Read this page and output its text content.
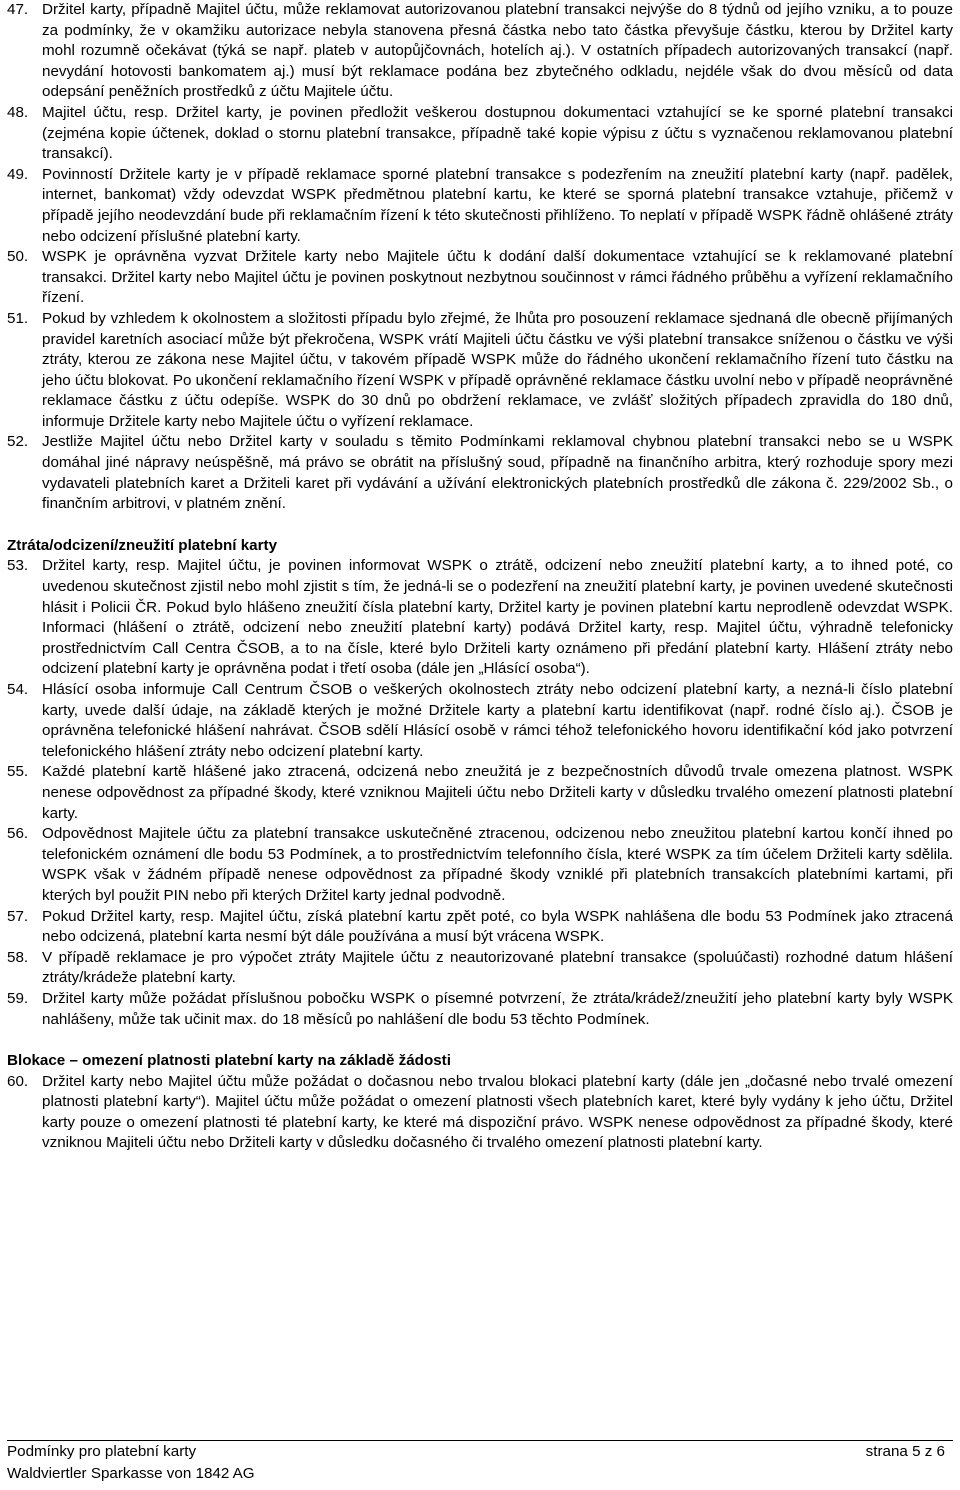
47. Držitel karty, případně Majitel účtu, může reklamovat autorizovanou platební transakci nejvýše do 8 týdnů od jejího vzniku, a to pouze za podmínky, že v okamžiku autorizace nebyla stanovena přesná částka nebo tato částka převyšuje částku, kterou by Držitel karty mohl rozumně očekávat (týká se např. plateb v autopůjčovnách, hotelích aj.). V ostatních případech autorizovaných transakcí (např. nevydání hotovosti bankomatem aj.) musí být reklamace podána bez zbytečného odkladu, nejdéle však do dvou měsíců od data odepsání peněžních prostředků z účtu Majitele účtu.
48. Majitel účtu, resp. Držitel karty, je povinen předložit veškerou dostupnou dokumentaci vztahující se ke sporné platební transakci (zejména kopie účtenek, doklad o stornu platební transakce, případně také kopie výpisu z účtu s vyznačenou reklamovanou platební transakcí).
49. Povinností Držitele karty je v případě reklamace sporné platební transakce s podezřením na zneužití platební karty (např. padělek, internet, bankomat) vždy odevzdat WSPK předmětnou platební kartu, ke které se sporná platební transakce vztahuje, přičemž v případě jejího neodevzdání bude při reklamačním řízení k této skutečnosti přihlíženo. To neplatí v případě WSPK řádně ohlášené ztráty nebo odcizení příslušné platební karty.
50. WSPK je oprávněna vyzvat Držitele karty nebo Majitele účtu k dodání další dokumentace vztahující se k reklamované platební transakci. Držitel karty nebo Majitel účtu je povinen poskytnout nezbytnou součinnost v rámci řádného průběhu a vyřízení reklamačního řízení.
51. Pokud by vzhledem k okolnostem a složitosti případu bylo zřejmé, že lhůta pro posouzení reklamace sjednaná dle obecně přijímaných pravidel karetních asociací může být překročena, WSPK vrátí Majiteli účtu částku ve výši platební transakce sníženou o částku ve výši ztráty, kterou ze zákona nese Majitel účtu, v takovém případě WSPK může do řádného ukončení reklamačního řízení tuto částku na jeho účtu blokovat. Po ukončení reklamačního řízení WSPK v případě oprávněné reklamace částku uvolní nebo v případě neoprávněné reklamace částku z účtu odepíše. WSPK do 30 dnů po obdržení reklamace, ve zvlášť složitých případech zpravidla do 180 dnů, informuje Držitele karty nebo Majitele účtu o vyřízení reklamace.
52. Jestliže Majitel účtu nebo Držitel karty v souladu s těmito Podmínkami reklamoval chybnou platební transakci nebo se u WSPK domáhal jiné nápravy neúspěšně, má právo se obrátit na příslušný soud, případně na finančního arbitra, který rozhoduje spory mezi vydavateli platebních karet a Držiteli karet při vydávání a užívání elektronických platebních prostředků dle zákona č. 229/2002 Sb., o finančním arbitrovi, v platném znění.
Ztráta/odcizení/zneužití platební karty
53. Držitel karty, resp. Majitel účtu, je povinen informovat WSPK o ztrátě, odcizení nebo zneužití platební karty, a to ihned poté, co uvedenou skutečnost zjistil nebo mohl zjistit s tím, že jedná-li se o podezření na zneužití platební karty, je povinen uvedené skutečnosti hlásit i Policii ČR. Pokud bylo hlášeno zneužití čísla platební karty, Držitel karty je povinen platební kartu neprodleně odevzdat WSPK. Informaci (hlášení o ztrátě, odcizení nebo zneužití platební karty) podává Držitel karty, resp. Majitel účtu, výhradně telefonicky prostřednictvím Call Centra ČSOB, a to na čísle, které bylo Držiteli karty oznámeno při předání platební karty. Hlášení ztráty nebo odcizení platební karty je oprávněna podat i třetí osoba (dále jen „Hlásící osoba“).
54. Hlásící osoba informuje Call Centrum ČSOB o veškerých okolnostech ztráty nebo odcizení platební karty, a nezná-li číslo platební karty, uvede další údaje, na základě kterých je možné Držitele karty a platební kartu identifikovat (např. rodné číslo aj.). ČSOB je oprávněna telefonické hlášení nahrávat. ČSOB sdělí Hlásící osobě v rámci téhož telefonického hovoru identifikační kód jako potvrzení telefonického hlášení ztráty nebo odcizení platební karty.
55. Každé platební kartě hlášené jako ztracená, odcizená nebo zneužitá je z bezpečnostních důvodů trvale omezena platnost. WSPK nenese odpovědnost za případné škody, které vzniknou Majiteli účtu nebo Držiteli karty v důsledku trvalého omezení platnosti platební karty.
56. Odpovědnost Majitele účtu za platební transakce uskutečněné ztracenou, odcizenou nebo zneužitou platební kartou končí ihned po telefonickém oznámení dle bodu 53 Podmínek, a to prostřednictvím telefonního čísla, které WSPK za tím účelem Držiteli karty sdělila. WSPK však v žádném případě nenese odpovědnost za případné škody vzniklé při platebních transakcích platebními kartami, při kterých byl použit PIN nebo při kterých Držitel karty jednal podvodně.
57. Pokud Držitel karty, resp. Majitel účtu, získá platební kartu zpět poté, co byla WSPK nahlášena dle bodu 53 Podmínek jako ztracená nebo odcizená, platební karta nesmí být dále používána a musí být vrácena WSPK.
58. V případě reklamace je pro výpočet ztráty Majitele účtu z neautorizované platební transakce (spoluúčasti) rozhodné datum hlášení ztráty/krádeže platební karty.
59. Držitel karty může požádat příslušnou pobočku WSPK o písemné potvrzení, že ztráta/krádež/zneužití jeho platební karty byly WSPK nahlášeny, může tak učinit max. do 18 měsíců po nahlášení dle bodu 53 těchto Podmínek.
Blokace – omezení platnosti platební karty na základě žádosti
60. Držitel karty nebo Majitel účtu může požádat o dočasnou nebo trvalou blokaci platební karty (dále jen „dočasné nebo trvalé omezení platnosti platební karty“). Majitel účtu může požádat o omezení platnosti všech platebních karet, které byly vydány k jeho účtu, Držitel karty pouze o omezení platnosti té platební karty, ke které má dispoziční právo. WSPK nenese odpovědnost za případné škody, které vzniknou Majiteli účtu nebo Držiteli karty v důsledku dočasného či trvalého omezení platnosti platební karty.
Podmínky pro platební karty	strana 5 z 6
Waldviertler Sparkasse von 1842 AG
